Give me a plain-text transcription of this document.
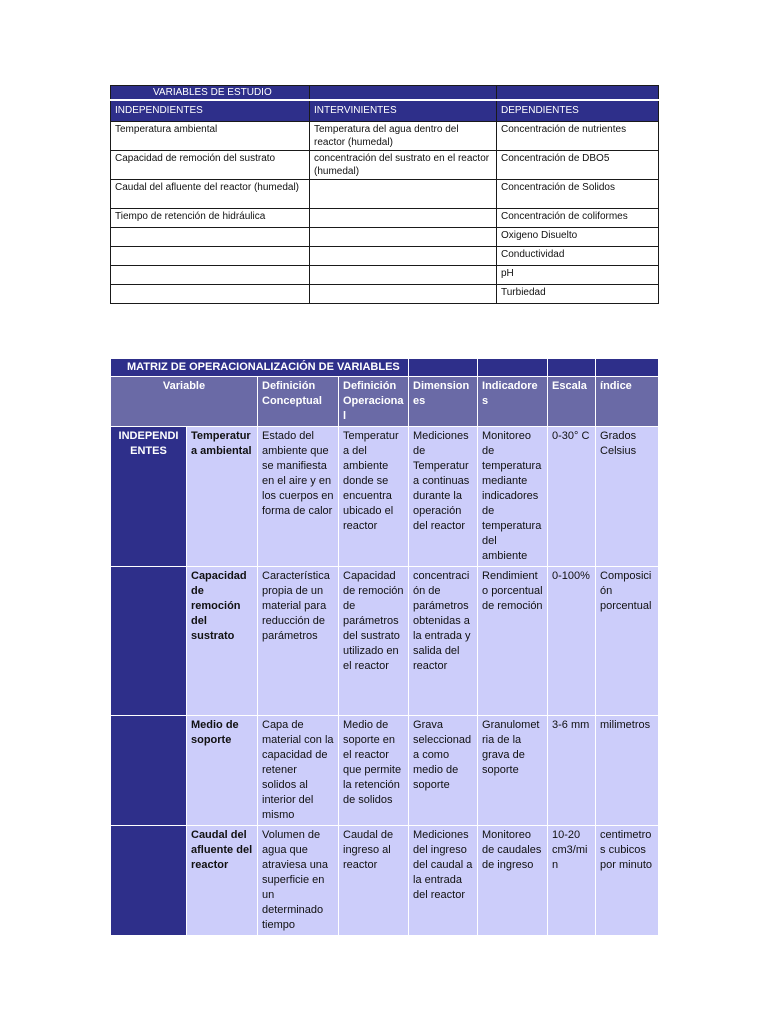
VARIABLES DE ESTUDIO		
INDEPENDIENTES	INTERVINIENTES	DEPENDIENTES
Temperatura ambiental	Temperatura del agua dentro del reactor (humedal)	Concentración de nutrientes
Capacidad de remoción del sustrato	concentración del sustrato en el reactor (humedal)	Concentración de DBO5
Caudal del afluente del reactor (humedal)		Concentración de Solidos
Tiempo de retención de hidráulica		Concentración de coliformes
		Oxigeno Disuelto
		Conductividad
		pH
		Turbiedad
MATRIZ DE OPERACIONALIZACIÓN DE VARIABLES							
Variable		Definición Conceptual	Definición Operacional	Dimensiones	Indicadores	Escala	índice
INDEPENDIENTES	Temperatura ambiental	Estado del ambiente que se manifiesta en el aire y en los cuerpos en forma de calor	Temperatura del ambiente donde se encuentra ubicado el reactor	Mediciones de Temperatura continuas durante la operación del reactor	Monitoreo de temperatura mediante indicadores de temperatura del ambiente	0-30° C	Grados Celsius
	Capacidad de remoción del sustrato	Característica propia de un material para reducción de parámetros	Capacidad de remoción de parámetros del sustrato utilizado en el reactor	concentración de parámetros obtenidas a la entrada y salida del reactor	Rendimiento porcentual de remoción	0-100%	Composición porcentual
	Medio de soporte	Capa de material con la capacidad de retener solidos al interior del mismo	Medio de soporte en el reactor que permite la retención de solidos	Grava seleccionada como medio de soporte	Granulometria de la grava de soporte	3-6 mm	milimetros
	Caudal del afluente del reactor	Volumen de agua que atraviesa una superficie en un determinado tiempo	Caudal de ingreso al reactor	Mediciones del ingreso del caudal a la entrada del reactor	Monitoreo de caudales de ingreso	10-20 cm3/min	centimetros cubicos por minuto
